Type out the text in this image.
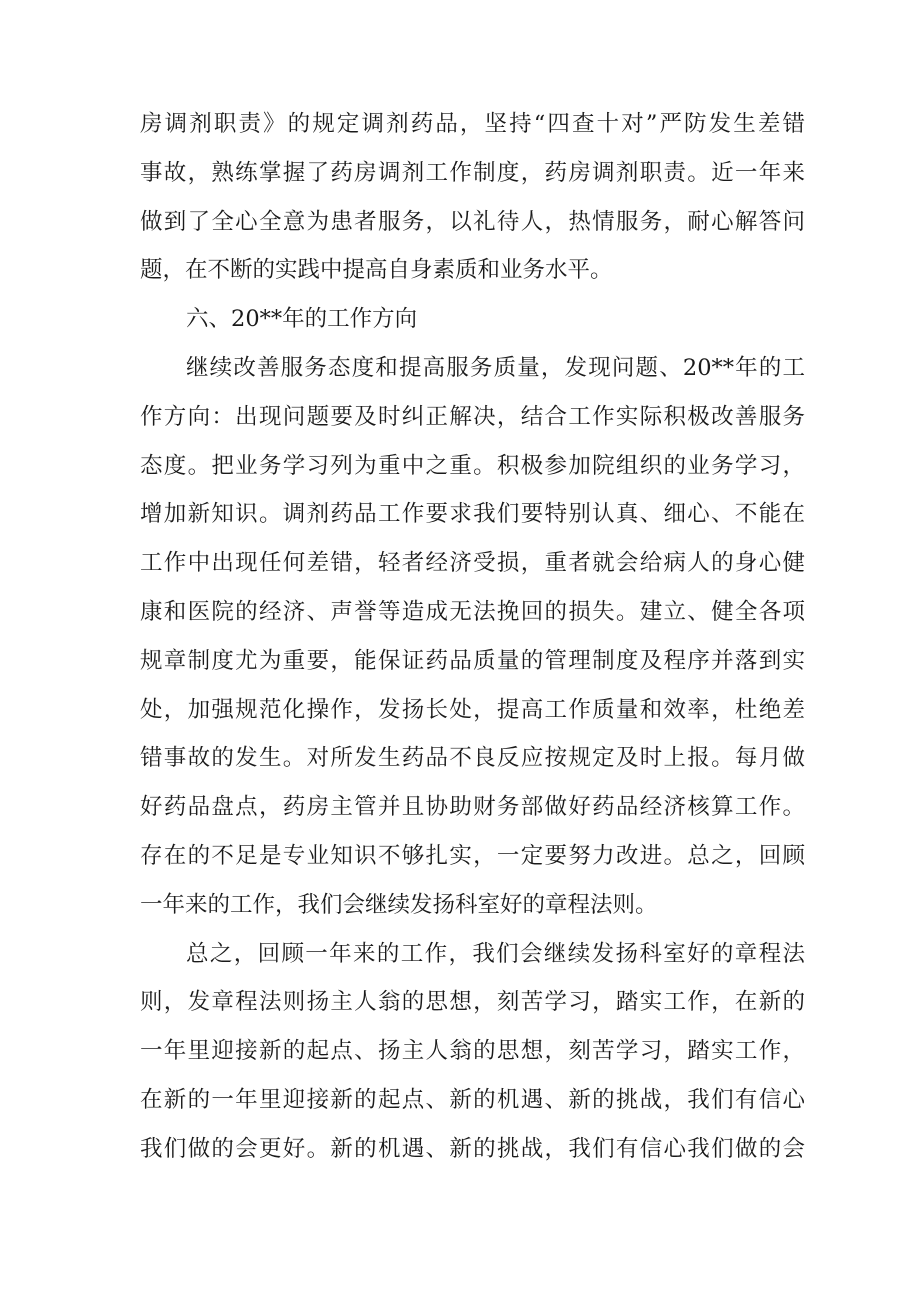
房调剂职责》的规定调剂药品，坚持“四查十对”严防发生差错
事故，熟练掌握了药房调剂工作制度，药房调剂职责。近一年来
做到了全心全意为患者服务，以礼待人，热情服务，耐心解答问
题，在不断的实践中提高自身素质和业务水平。
六、20**年的工作方向
继续改善服务态度和提高服务质量，发现问题、20**年的工
作方向：出现问题要及时纠正解决，结合工作实际积极改善服务
态度。把业务学习列为重中之重。积极参加院组织的业务学习，
增加新知识。调剂药品工作要求我们要特别认真、细心、不能在
工作中出现任何差错，轻者经济受损，重者就会给病人的身心健
康和医院的经济、声誉等造成无法挽回的损失。建立、健全各项
规章制度尤为重要，能保证药品质量的管理制度及程序并落到实
处，加强规范化操作，发扬长处，提高工作质量和效率，杜绝差
错事故的发生。对所发生药品不良反应按规定及时上报。每月做
好药品盘点，药房主管并且协助财务部做好药品经济核算工作。
存在的不足是专业知识不够扎实，一定要努力改进。总之，回顾
一年来的工作，我们会继续发扬科室好的章程法则。
总之，回顾一年来的工作，我们会继续发扬科室好的章程法
则，发章程法则扬主人翁的思想，刻苦学习，踏实工作，在新的
一年里迎接新的起点、扬主人翁的思想，刻苦学习，踏实工作，
在新的一年里迎接新的起点、新的机遇、新的挑战，我们有信心
我们做的会更好。新的机遇、新的挑战，我们有信心我们做的会
